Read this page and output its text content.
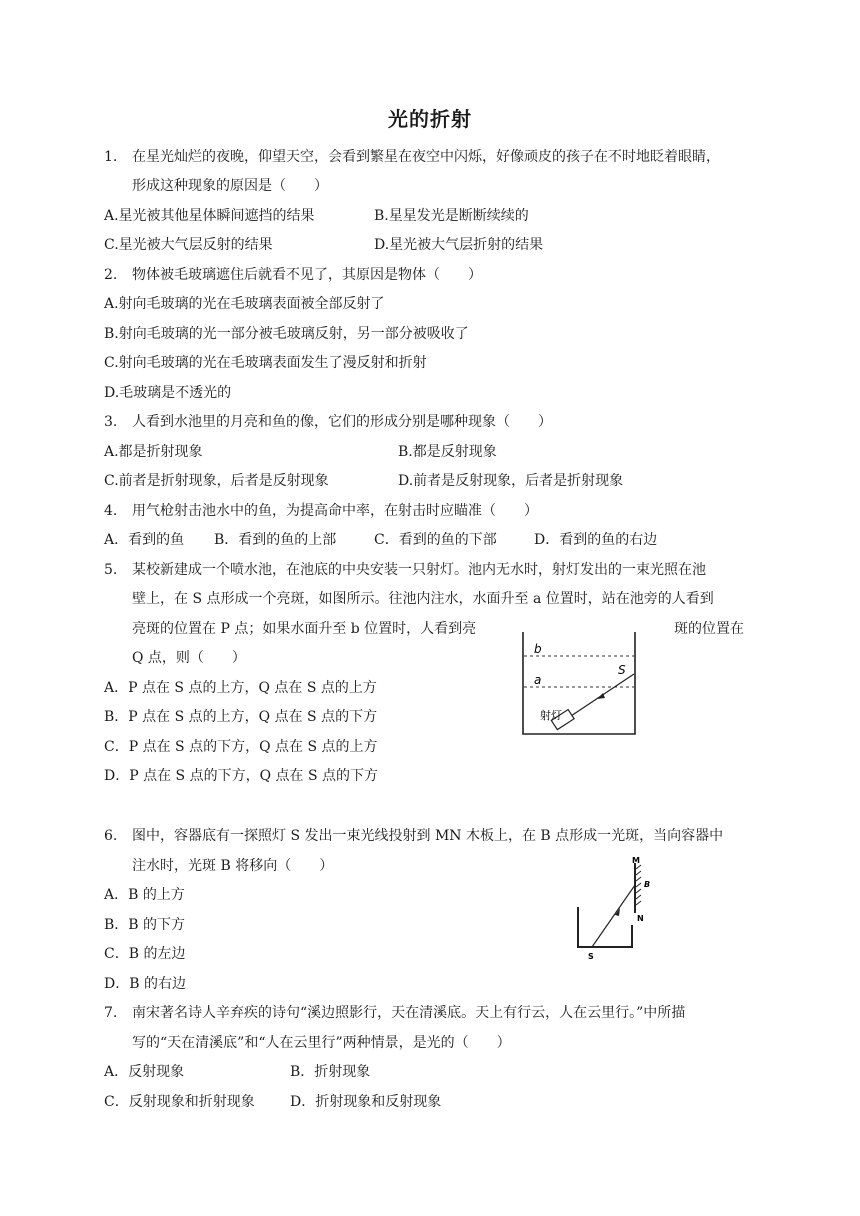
光的折射
1. 在星光灿烂的夜晚，仰望天空，会看到繁星在夜空中闪烁，好像顽皮的孩子在不时地眨着眼睛，
形成这种现象的原因是（　　）
A.星光被其他星体瞬间遮挡的结果	B.星星发光是断断续续的
C.星光被大气层反射的结果	D.星光被大气层折射的结果
2. 物体被毛玻璃遮住后就看不见了，其原因是物体（　　）
A.射向毛玻璃的光在毛玻璃表面被全部反射了
B.射向毛玻璃的光一部分被毛玻璃反射，另一部分被吸收了
C.射向毛玻璃的光在毛玻璃表面发生了漫反射和折射
D.毛玻璃是不透光的
3. 人看到水池里的月亮和鱼的像，它们的形成分别是哪种现象（　　）
A.都是折射现象	B.都是反射现象
C.前者是折射现象，后者是反射现象	D.前者是反射现象，后者是折射现象
4. 用气枪射击池水中的鱼，为提高命中率，在射击时应瞄准（　　）
A．看到的鱼 B．看到的鱼的上部	C．看到的鱼的下部	D．看到的鱼的右边
5. 某校新建成一个喷水池，在池底的中央安装一只射灯。池内无水时，射灯发出的一束光照在池
壁上，在 S 点形成一个亮斑，如图所示。往池内注水，水面升至 a 位置时，站在池旁的人看到
亮斑的位置在 P 点；如果水面升至 b 位置时，人看到亮	斑的位置在
Q 点，则（　　）
A．P 点在 S 点的上方，Q 点在 S 点的上方
B．P 点在 S 点的上方，Q 点在 S 点的下方
C．P 点在 S 点的下方，Q 点在 S 点的上方
D．P 点在 S 点的下方，Q 点在 S 点的下方
b
a
S
射灯
6. 图中，容器底有一探照灯 S 发出一束光线投射到 MN 木板上，在 B 点形成一光斑，当向容器中
注水时，光斑 B 将移向（　　）
A．B 的上方
B．B 的下方
C．B 的左边
D．B 的右边
M
B
N
S
7. 南宋著名诗人辛弃疾的诗句“溪边照影行，天在清溪底。天上有行云，人在云里行。”中所描
写的“天在清溪底”和“人在云里行”两种情景，是光的（　　）
A．反射现象	B．折射现象
C．反射现象和折射现象	D．折射现象和反射现象
